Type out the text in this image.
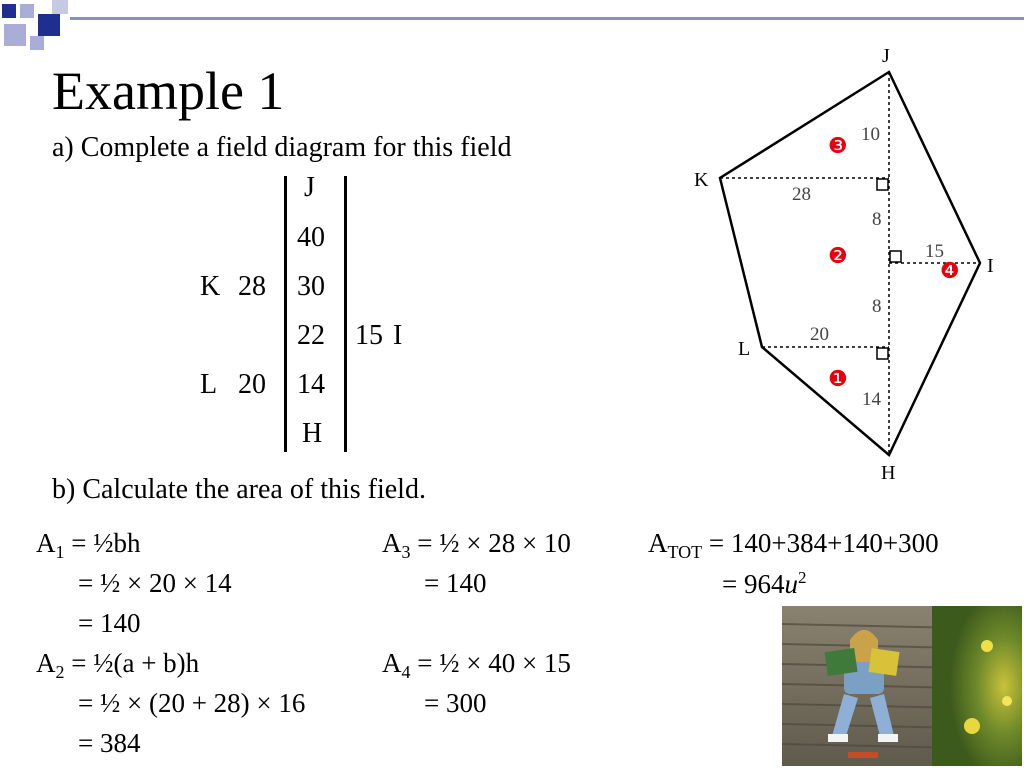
Example 1
a) Complete a field diagram for this field
b) Calculate the area of this field.
J
40
K 28 30
22 15 I
L 20 14
H
J
K
I
L
H
10
28
8
15
8
20
14
❸
❷
❹
❶
$A_1$ = ½bh
= ½ × 20 × 14
= 140
$A_2$ = ½(a + b)h
= ½ × (20 + 28) × 16
= 384
$A_3$ = ½ × 28 × 10
= 140
$A_4$ = ½ × 40 × 15
= 300
$A_{TOT} = 140+384+140+300$
= $964u^2$
